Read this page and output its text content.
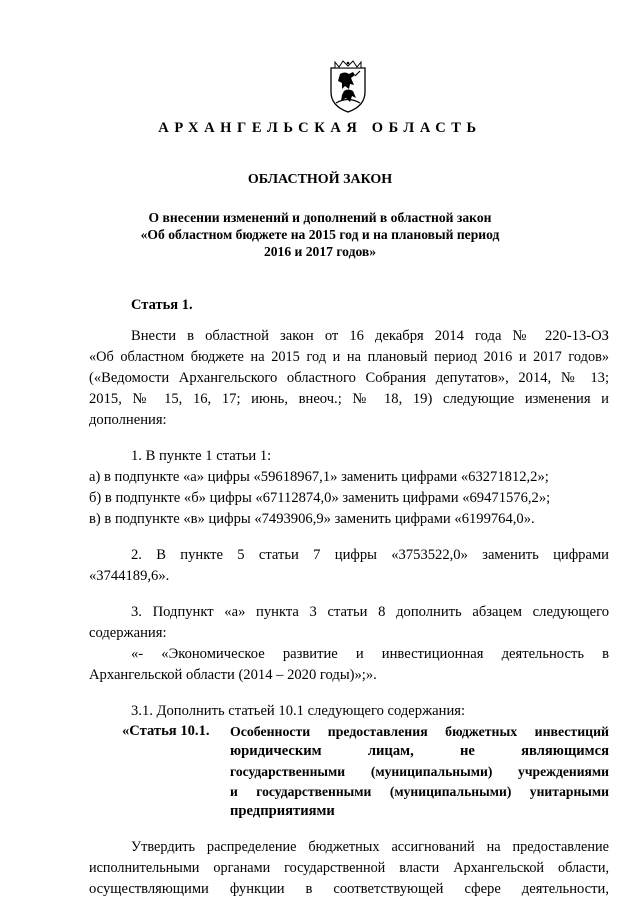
АРХАНГЕЛЬСКАЯ ОБЛАСТЬ
ОБЛАСТНОЙ ЗАКОН
О внесении изменений и дополнений в областной закон
«Об областном бюджете на 2015 год и на плановый период
2016 и 2017 годов»
Статья 1.
Внести в областной закон от 16 декабря 2014 года № 220-13-ОЗ
«Об областном бюджете на 2015 год и на плановый период 2016 и 2017 годов»
(«Ведомости Архангельского областного Собрания депутатов», 2014, № 13;
2015, № 15, 16, 17; июнь, внеоч.; № 18, 19) следующие изменения и
дополнения:
1. В пункте 1 статьи 1:
а) в подпункте «а» цифры «59618967,1» заменить цифрами «63271812,2»;
б) в подпункте «б» цифры «67112874,0» заменить цифрами «69471576,2»;
в) в подпункте «в» цифры «7493906,9» заменить цифрами «6199764,0».
2. В пункте 5 статьи 7 цифры «3753522,0» заменить цифрами
«3744189,6».
3. Подпункт «а» пункта 3 статьи 8 дополнить абзацем следующего
содержания:
«- «Экономическое развитие и инвестиционная деятельность в
Архангельской области (2014 – 2020 годы)»;».
3.1. Дополнить статьей 10.1 следующего содержания:
«Статья 10.1. Особенности предоставления бюджетных инвестиций
юридическим лицам, не являющимся
государственными (муниципальными) учреждениями
и государственными (муниципальными) унитарными
предприятиями
Утвердить распределение бюджетных ассигнований на предоставление
исполнительными органами государственной власти Архангельской области,
осуществляющими функции в соответствующей сфере деятельности,
